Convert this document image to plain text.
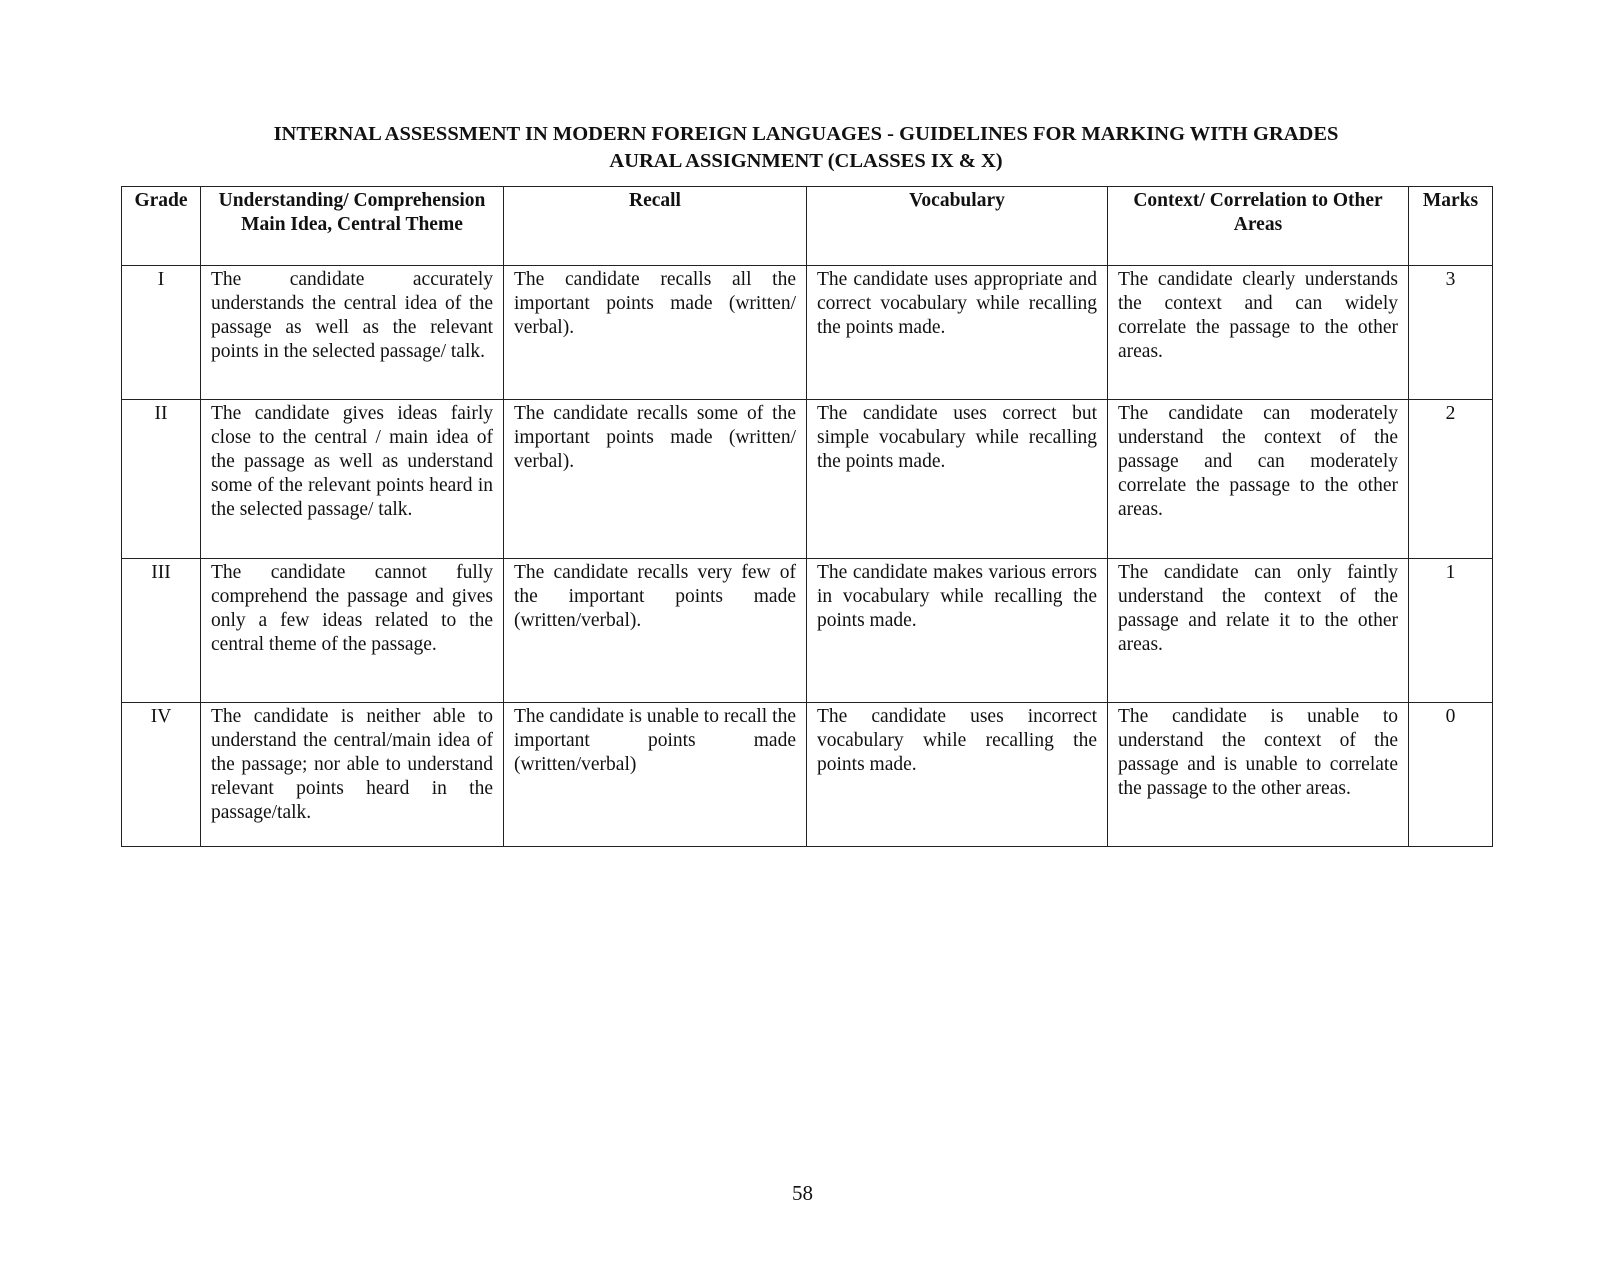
INTERNAL ASSESSMENT IN MODERN FOREIGN LANGUAGES - GUIDELINES FOR MARKING WITH GRADES
AURAL ASSIGNMENT (CLASSES IX & X)
Grade	Understanding/ Comprehension Main Idea, Central Theme	Recall	Vocabulary	Context/ Correlation to Other Areas	Marks
I	The candidate accurately understands the central idea of the passage as well as the relevant points in the selected passage/ talk.	The candidate recalls all the important points made (written/ verbal).	The candidate uses appropriate and correct vocabulary while recalling the points made.	The candidate clearly understands the context and can widely correlate the passage to the other areas.	3
II	The candidate gives ideas fairly close to the central / main idea of the passage as well as understand some of the relevant points heard in the selected passage/ talk.	The candidate recalls some of the important points made (written/ verbal).	The candidate uses correct but simple vocabulary while recalling the points made.	The candidate can moderately understand the context of the passage and can moderately correlate the passage to the other areas.	2
III	The candidate cannot fully comprehend the passage and gives only a few ideas related to the central theme of the passage.	The candidate recalls very few of the important points made (written/verbal).	The candidate makes various errors in vocabulary while recalling the points made.	The candidate can only faintly understand the context of the passage and relate it to the other areas.	1
IV	The candidate is neither able to understand the central/main idea of the passage; nor able to understand relevant points heard in the passage/talk.	The candidate is unable to recall the important points made (written/verbal)	The candidate uses incorrect vocabulary while recalling the points made.	The candidate is unable to understand the context of the passage and is unable to correlate the passage to the other areas.	0
58
